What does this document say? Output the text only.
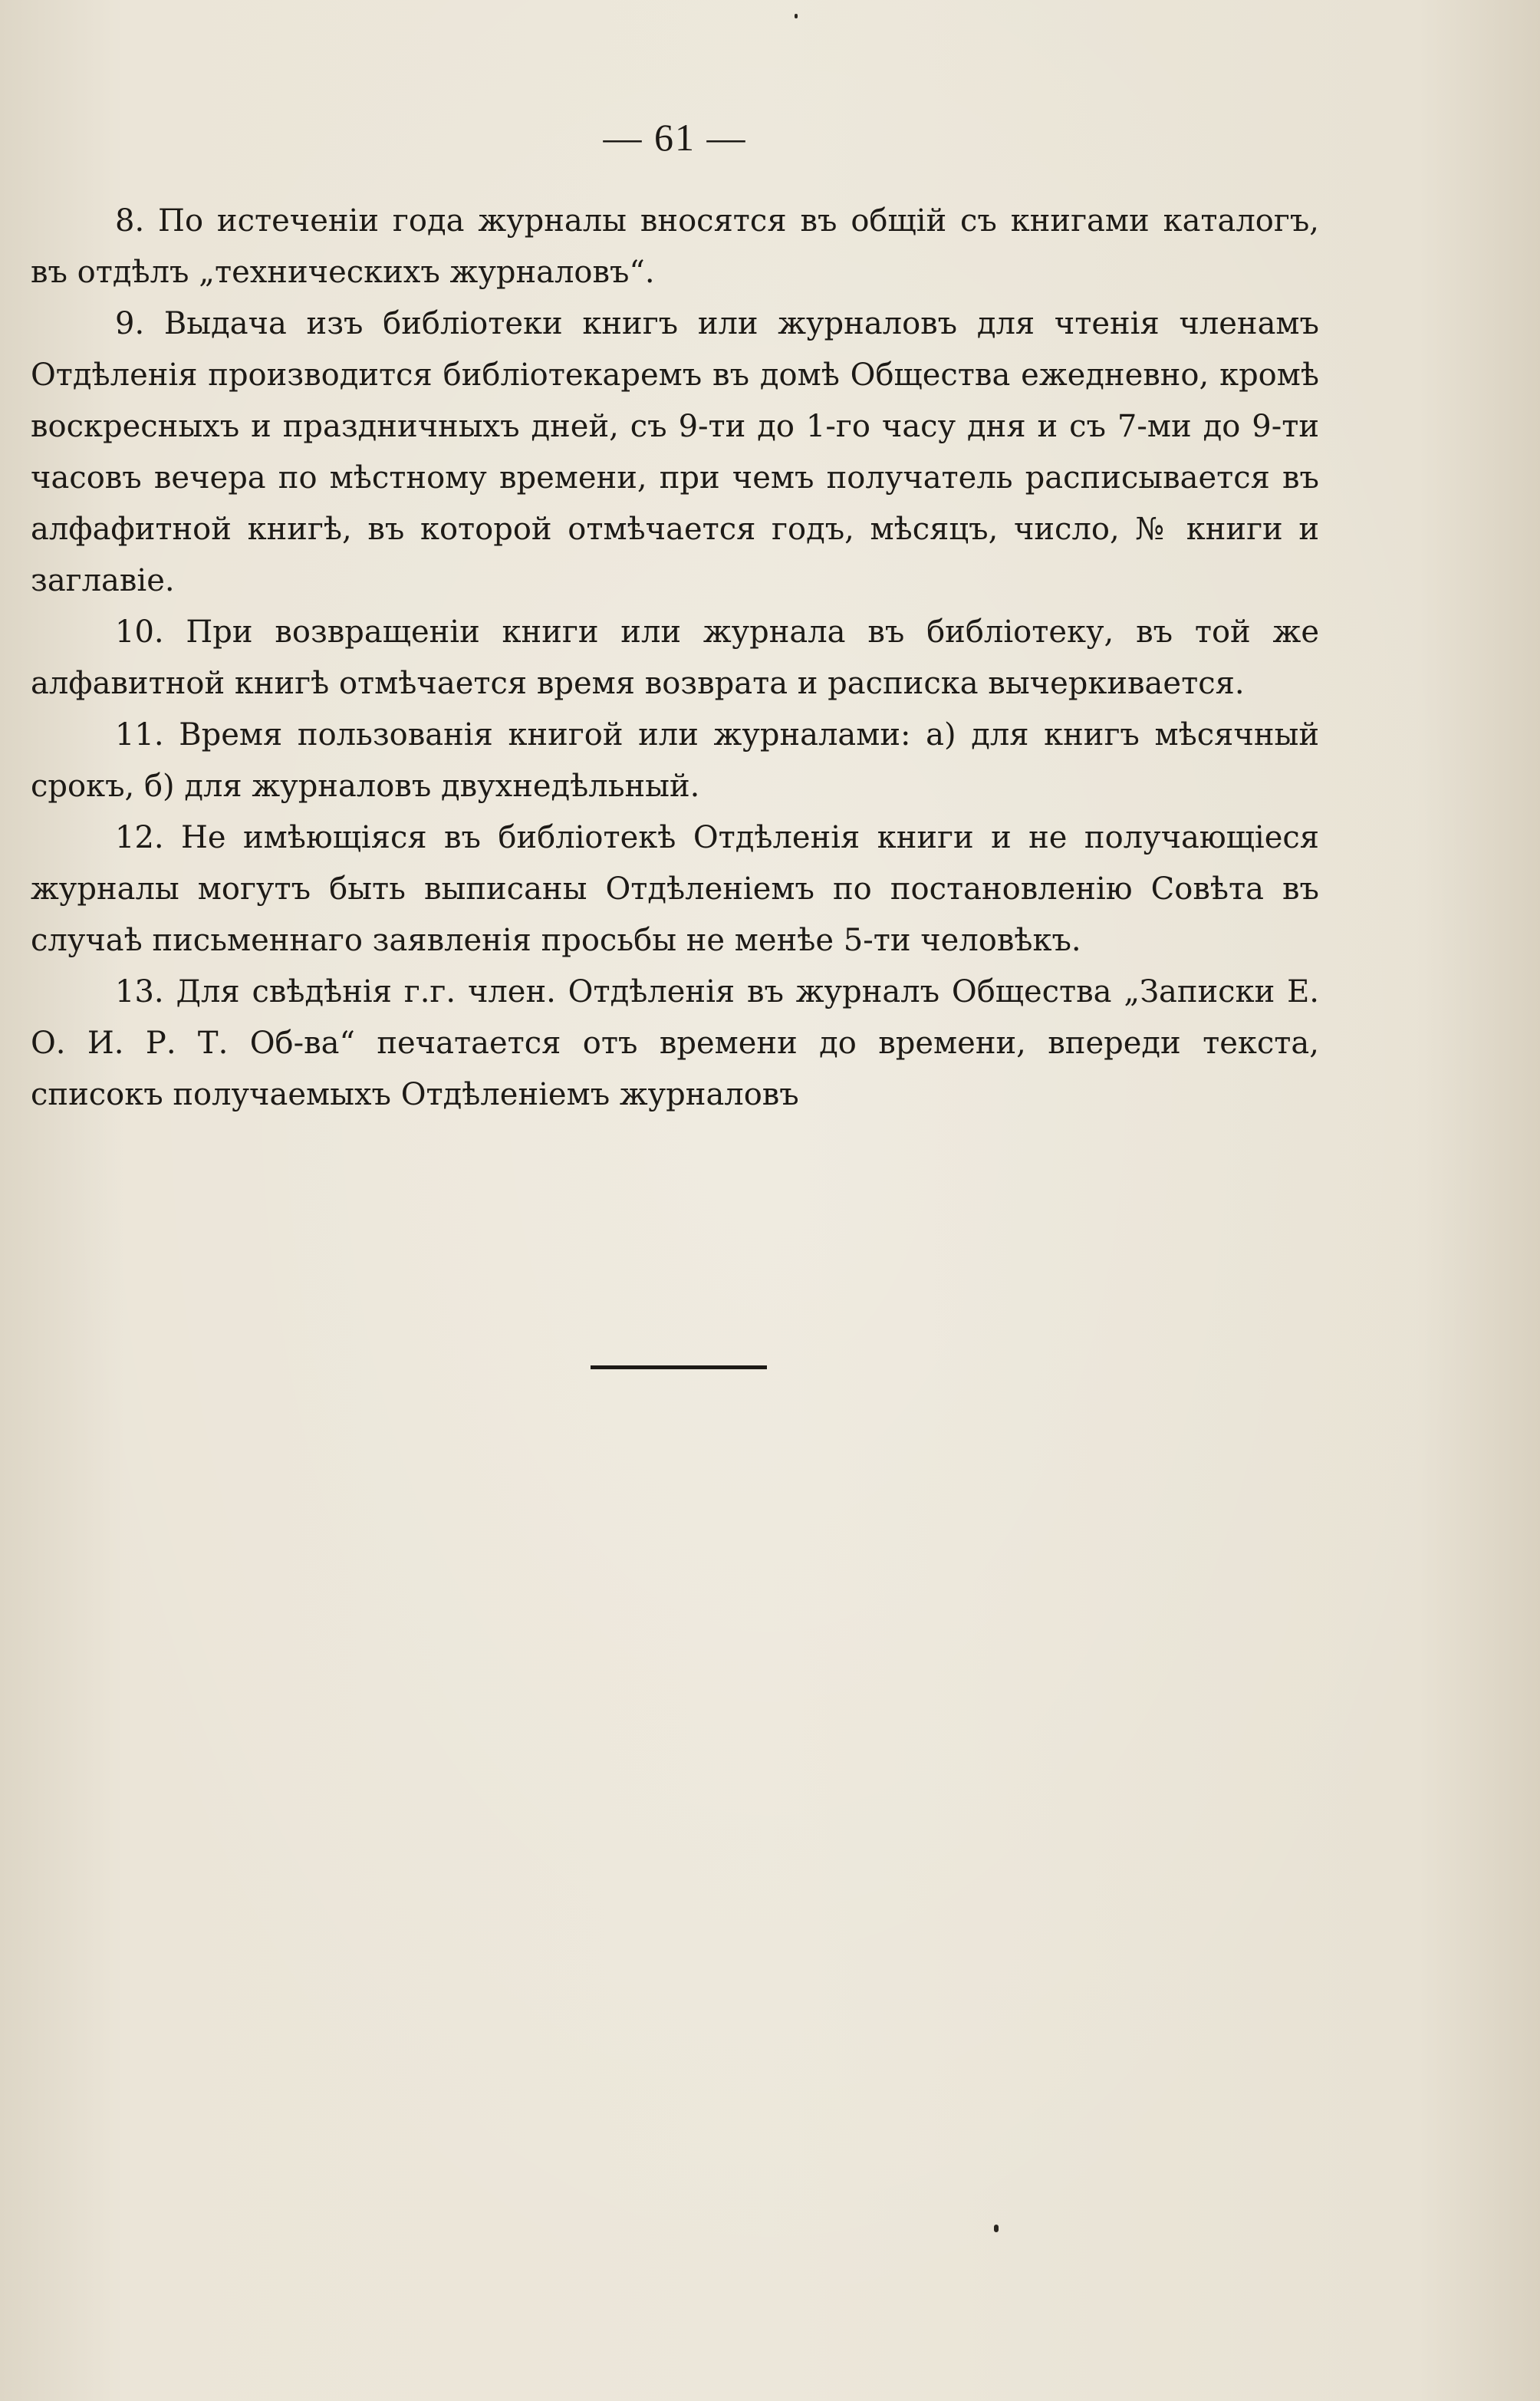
— 61 —

8. По истеченіи года журналы вносятся въ общій съ книгами каталогъ, въ отдѣлъ „техническихъ журналовъ“.

9. Выдача изъ библіотеки книгъ или журналовъ для чтенія членамъ Отдѣленія производится библіотекаремъ въ домѣ Общества ежедневно, кромѣ воскресныхъ и праздничныхъ дней, съ 9-ти до 1-го часу дня и съ 7-ми до 9-ти часовъ вечера по мѣстному времени, при чемъ получатель расписывается въ алфафитной книгѣ, въ которой отмѣчается годъ, мѣсяцъ, число, № книги и заглавіе.

10. При возвращеніи книги или журнала въ библіотеку, въ той же алфавитной книгѣ отмѣчается время возврата и расписка вычеркивается.

11. Время пользованія книгой или журналами: а) для книгъ мѣсячный срокъ, б) для журналовъ двухнедѣльный.

12. Не имѣющіяся въ библіотекѣ Отдѣленія книги и не получающіеся журналы могутъ быть выписаны Отдѣленіемъ по постановленію Совѣта въ случаѣ письменнаго заявленія просьбы не менѣе 5-ти человѣкъ.

13. Для свѣдѣнія г.г. член. Отдѣленія въ журналъ Общества „Записки Е. О. И. Р. Т. Об-ва“ печатается отъ времени до времени, впереди текста, списокъ получаемыхъ Отдѣленіемъ журналовъ
